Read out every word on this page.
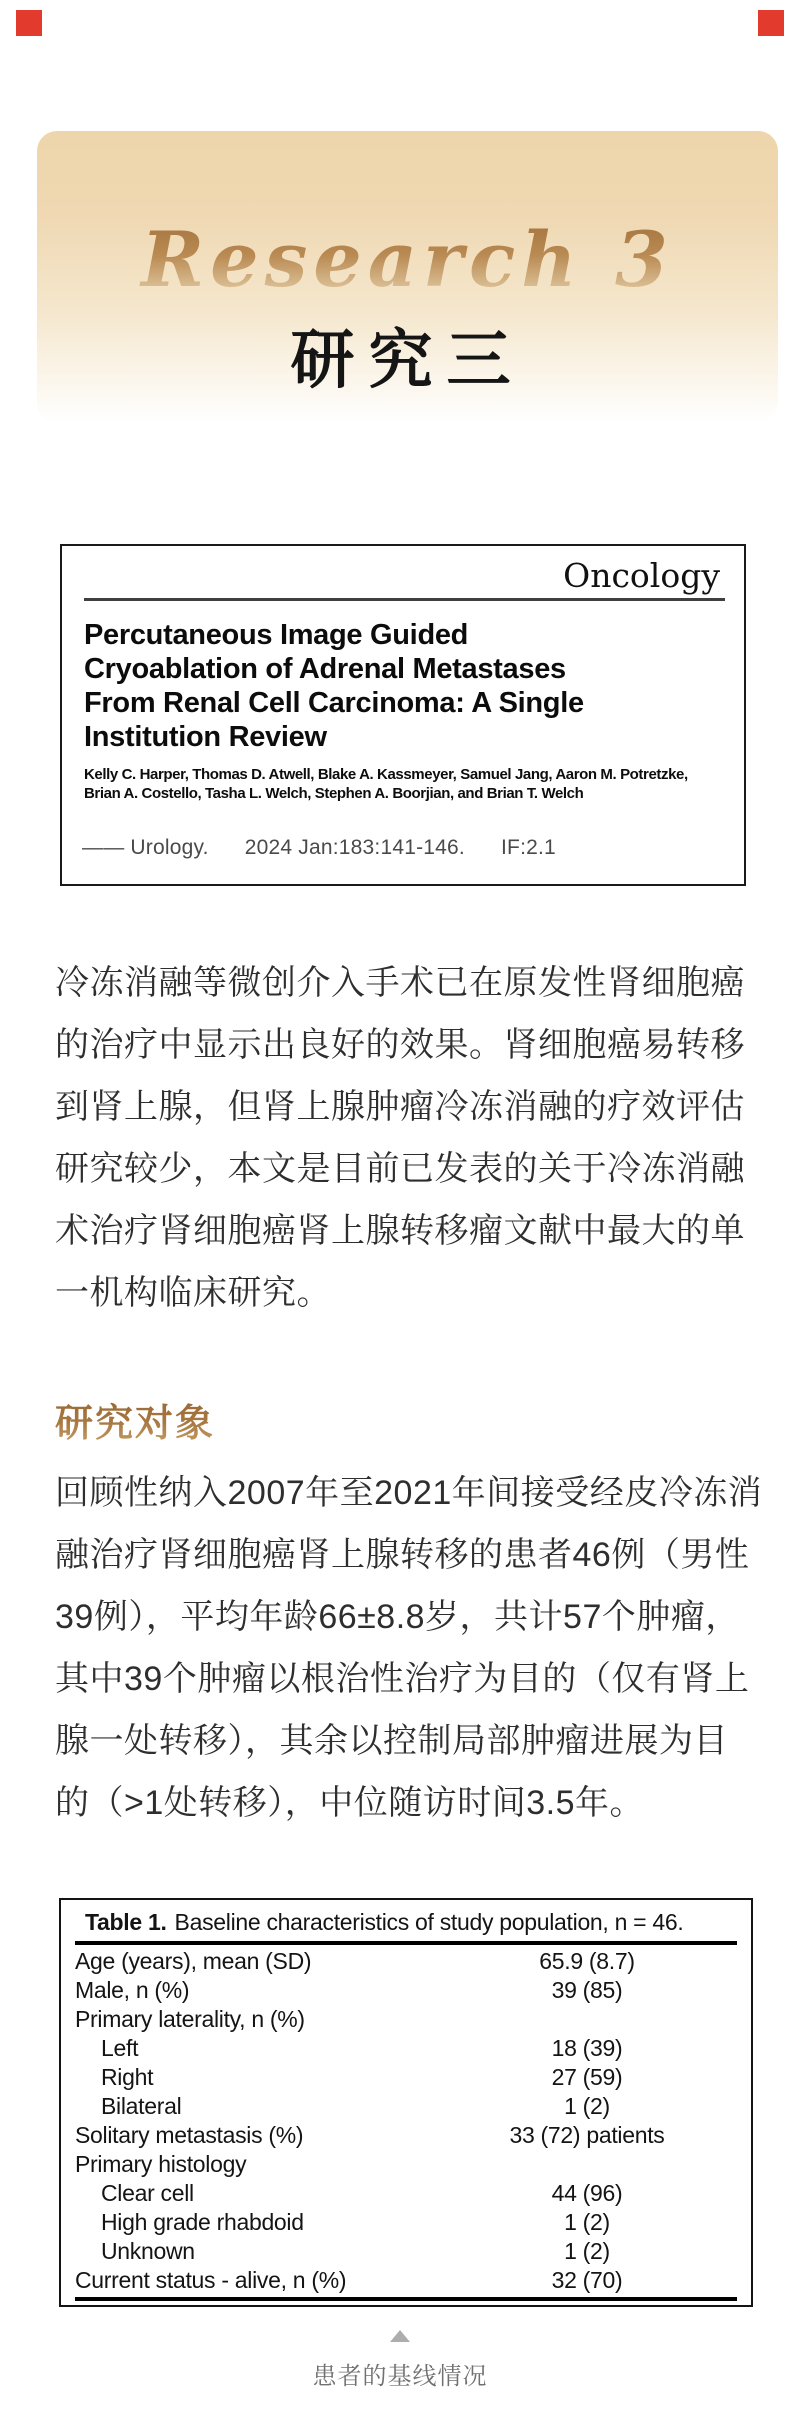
Research 3
研究三
Oncology
Percutaneous Image Guided
Cryoablation of Adrenal Metastases
From Renal Cell Carcinoma: A Single
Institution Review
Kelly C. Harper, Thomas D. Atwell, Blake A. Kassmeyer, Samuel Jang, Aaron M. Potretzke,
Brian A. Costello, Tasha L. Welch, Stephen A. Boorjian, and Brian T. Welch
—— Urology. 2024 Jan:183:141-146. IF:2.1
冷冻消融等微创介入手术已在原发性肾细胞癌
的治疗中显示出良好的效果。肾细胞癌易转移
到肾上腺，但肾上腺肿瘤冷冻消融的疗效评估
研究较少，本文是目前已发表的关于冷冻消融
术治疗肾细胞癌肾上腺转移瘤文献中最大的单
一机构临床研究。
研究对象
回顾性纳入2007年至2021年间接受经皮冷冻消
融治疗肾细胞癌肾上腺转移的患者46例（男性
39例），平均年龄66±8.8岁，共计57个肿瘤，
其中39个肿瘤以根治性治疗为目的（仅有肾上
腺一处转移），其余以控制局部肿瘤进展为目
的（>1处转移），中位随访时间3.5年。
Table 1. Baseline characteristics of study population, n = 46.
Age (years), mean (SD)	65.9 (8.7)
Male, n (%)	39 (85)
Primary laterality, n (%)
Left	18 (39)
Right	27 (59)
Bilateral	1 (2)
Solitary metastasis (%)	33 (72) patients
Primary histology
Clear cell	44 (96)
High grade rhabdoid	1 (2)
Unknown	1 (2)
Current status - alive, n (%)	32 (70)
患者的基线情况
